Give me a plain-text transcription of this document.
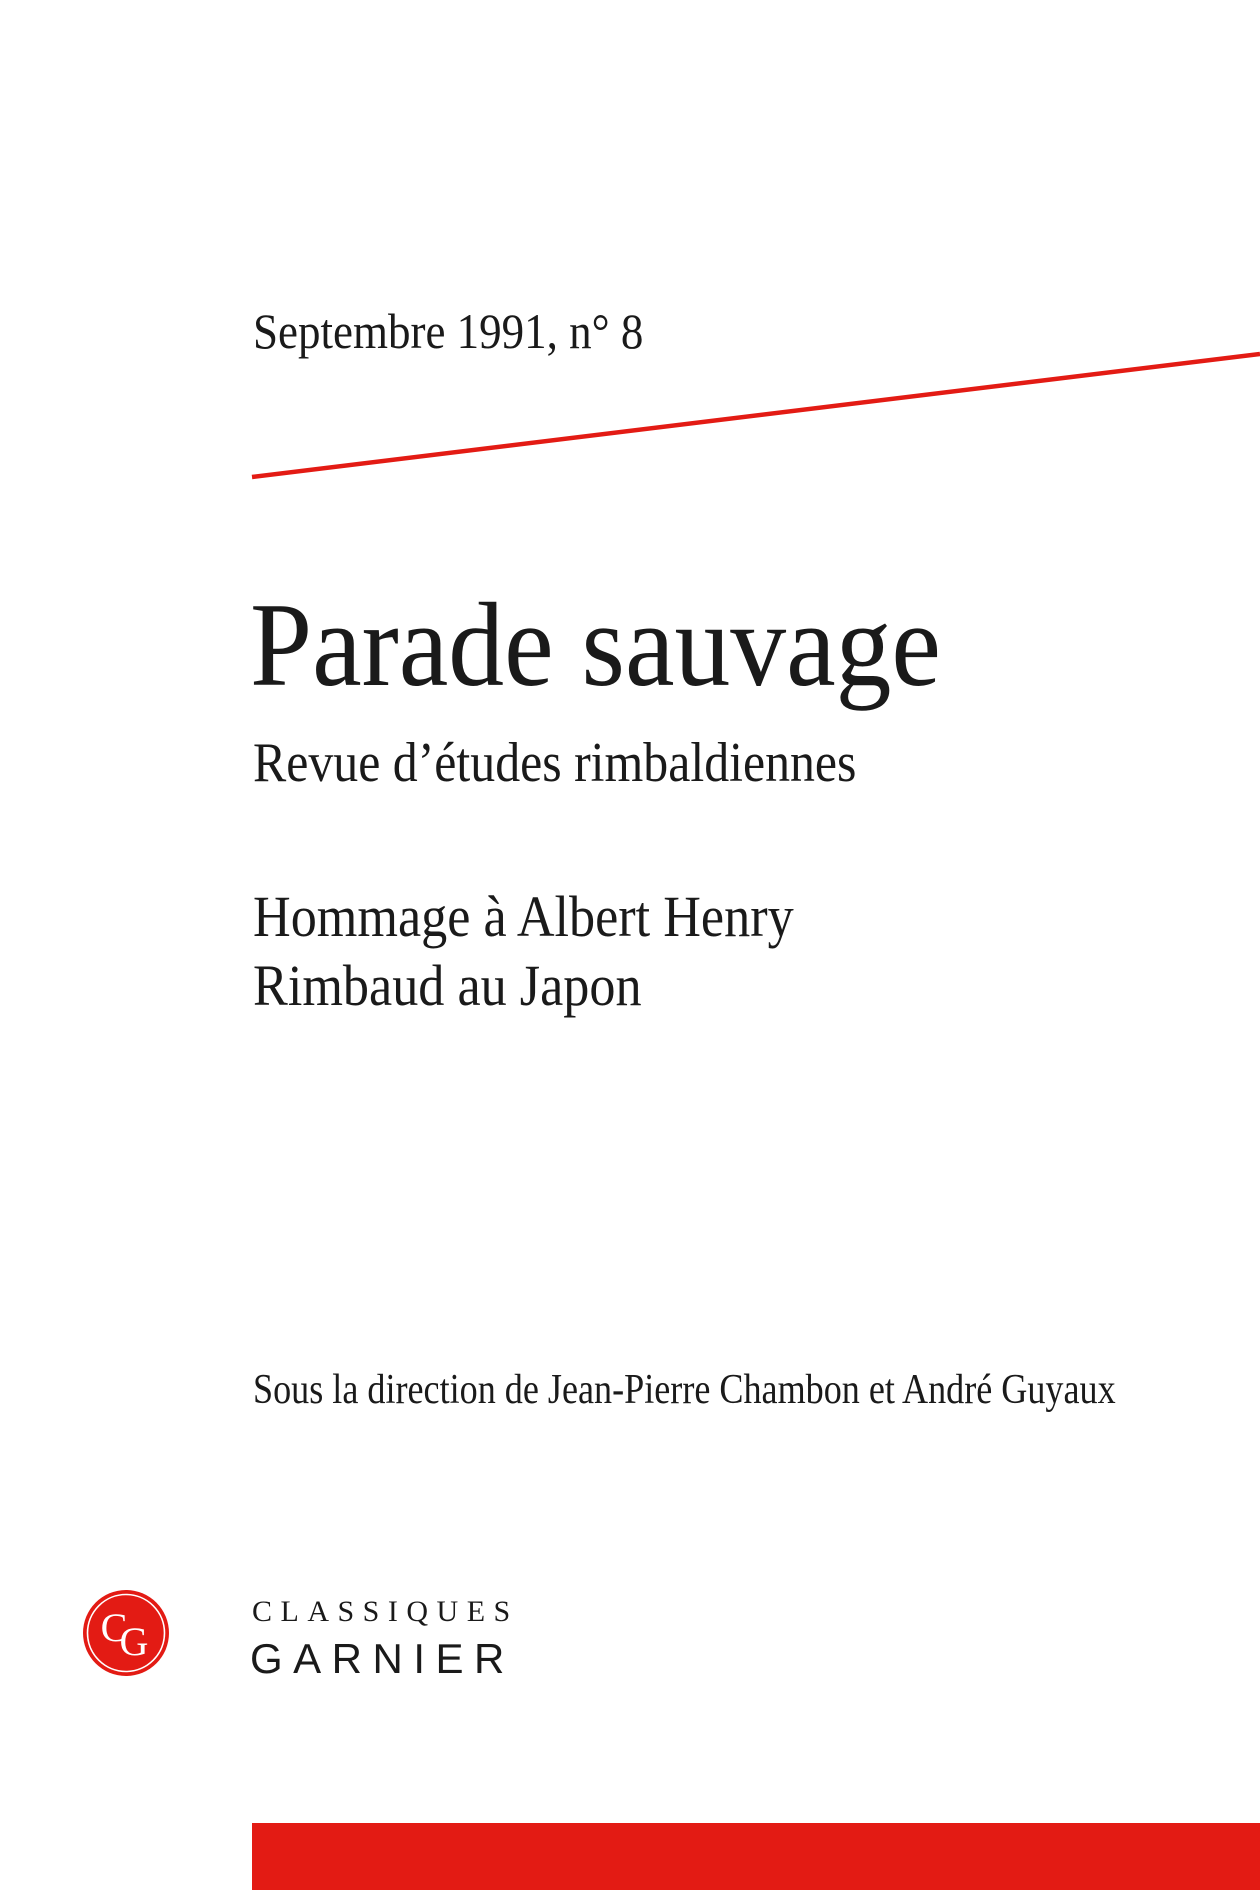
Septembre 1991, n° 8
Parade sauvage
Revue d’études rimbaldiennes
Hommage à Albert Henry
Rimbaud au Japon
Sous la direction de Jean-Pierre Chambon et André Guyaux
C
G
CLASSIQUES
GARNIER
